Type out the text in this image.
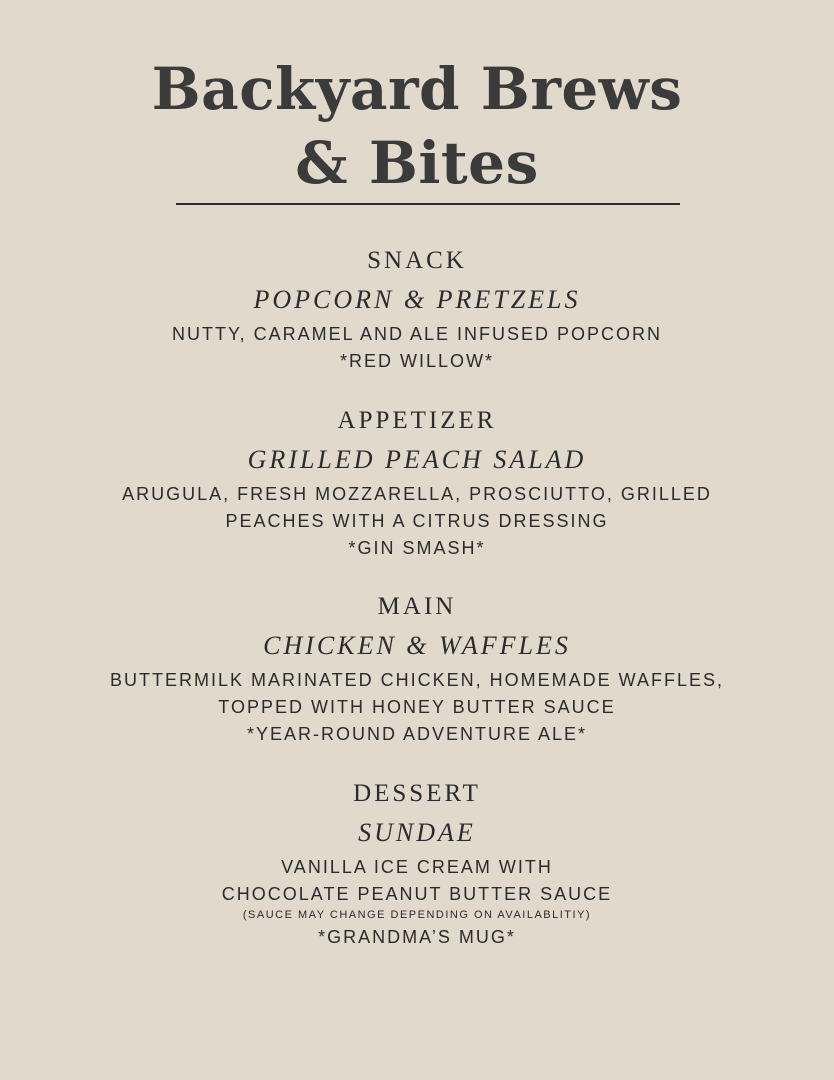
Backyard Brews
& Bites

SNACK

POPCORN & PRETZELS

NUTTY, CARAMEL AND ALE INFUSED POPCORN

*RED WILLOW*

APPETIZER

GRILLED PEACH SALAD

ARUGULA, FRESH MOZZARELLA, PROSCIUTTO, GRILLED

PEACHES WITH A CITRUS DRESSING

*GIN SMASH*

MAIN

CHICKEN & WAFFLES

BUTTERMILK MARINATED CHICKEN, HOMEMADE WAFFLES,

TOPPED WITH HONEY BUTTER SAUCE

*YEAR-ROUND ADVENTURE ALE*

DESSERT

SUNDAE

VANILLA ICE CREAM WITH

CHOCOLATE PEANUT BUTTER SAUCE

(SAUCE MAY CHANGE DEPENDING ON AVAILABLITIY)

*GRANDMA’S MUG*
